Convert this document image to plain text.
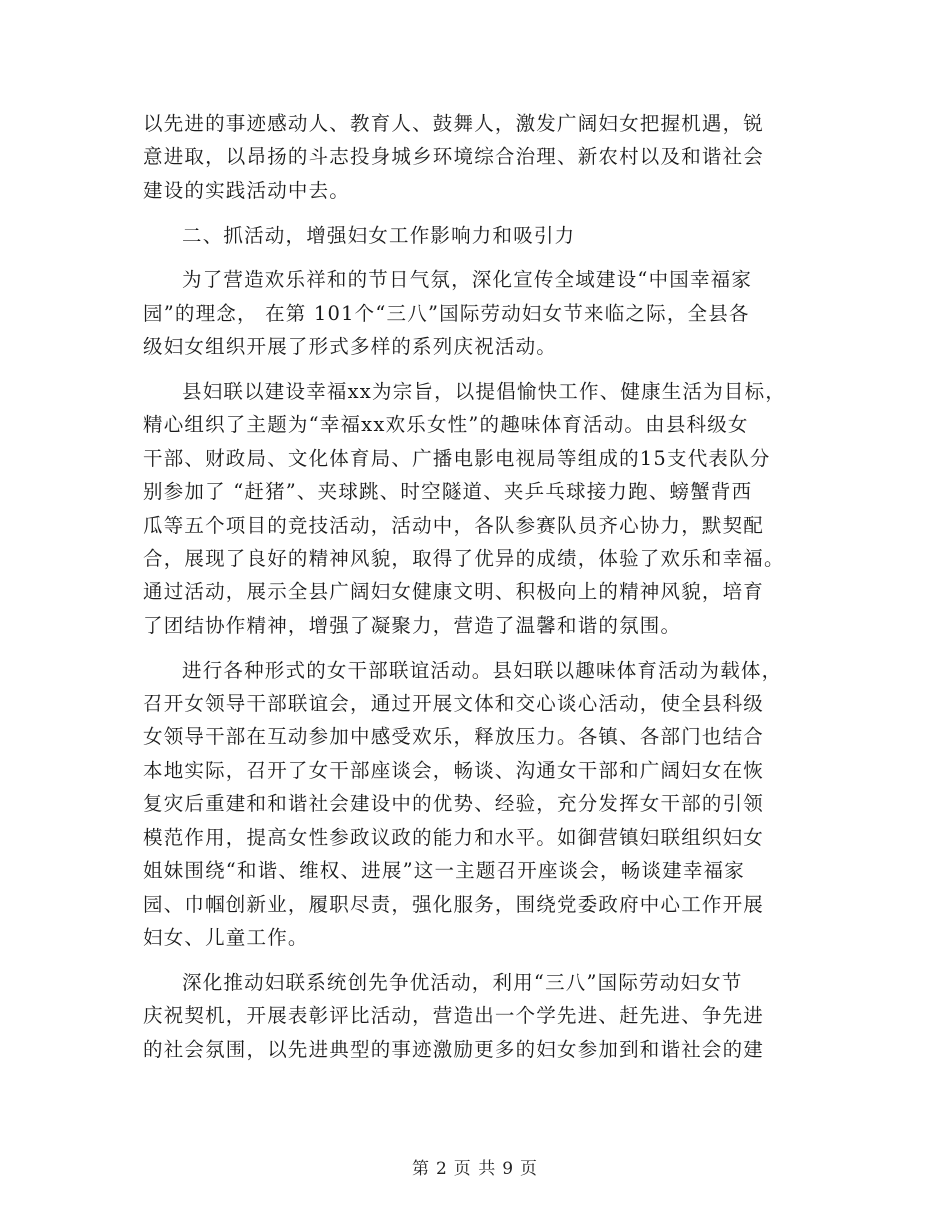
以先进的事迹感动人、教育人、鼓舞人，激发广阔妇女把握机遇，锐
意进取，以昂扬的斗志投身城乡环境综合治理、新农村以及和谐社会
建设的实践活动中去。

二、抓活动，增强妇女工作影响力和吸引力

为了营造欢乐祥和的节日气氛，深化宣传全域建设“中国幸福家
园”的理念， 在第 101个“三八”国际劳动妇女节来临之际，全县各
级妇女组织开展了形式多样的系列庆祝活动。

县妇联以建设幸福xx为宗旨，以提倡愉快工作、健康生活为目标，
精心组织了主题为“幸福xx欢乐女性”的趣味体育活动。由县科级女
干部、财政局、文化体育局、广播电影电视局等组成的15支代表队分
别参加了 “赶猪”、夹球跳、时空隧道、夹乒乓球接力跑、螃蟹背西
瓜等五个项目的竞技活动，活动中，各队参赛队员齐心协力，默契配
合，展现了良好的精神风貌，取得了优异的成绩，体验了欢乐和幸福。
通过活动，展示全县广阔妇女健康文明、积极向上的精神风貌，培育
了团结协作精神，增强了凝聚力，营造了温馨和谐的氛围。

进行各种形式的女干部联谊活动。县妇联以趣味体育活动为载体，
召开女领导干部联谊会，通过开展文体和交心谈心活动，使全县科级
女领导干部在互动参加中感受欢乐，释放压力。各镇、各部门也结合
本地实际，召开了女干部座谈会，畅谈、沟通女干部和广阔妇女在恢
复灾后重建和和谐社会建设中的优势、经验，充分发挥女干部的引领
模范作用，提高女性参政议政的能力和水平。如御营镇妇联组织妇女
姐妹围绕“和谐、维权、进展”这一主题召开座谈会，畅谈建幸福家
园、巾帼创新业，履职尽责，强化服务，围绕党委政府中心工作开展
妇女、儿童工作。

深化推动妇联系统创先争优活动，利用“三八”国际劳动妇女节
庆祝契机，开展表彰评比活动，营造出一个学先进、赶先进、争先进
的社会氛围，以先进典型的事迹激励更多的妇女参加到和谐社会的建

第 2 页 共 9 页
